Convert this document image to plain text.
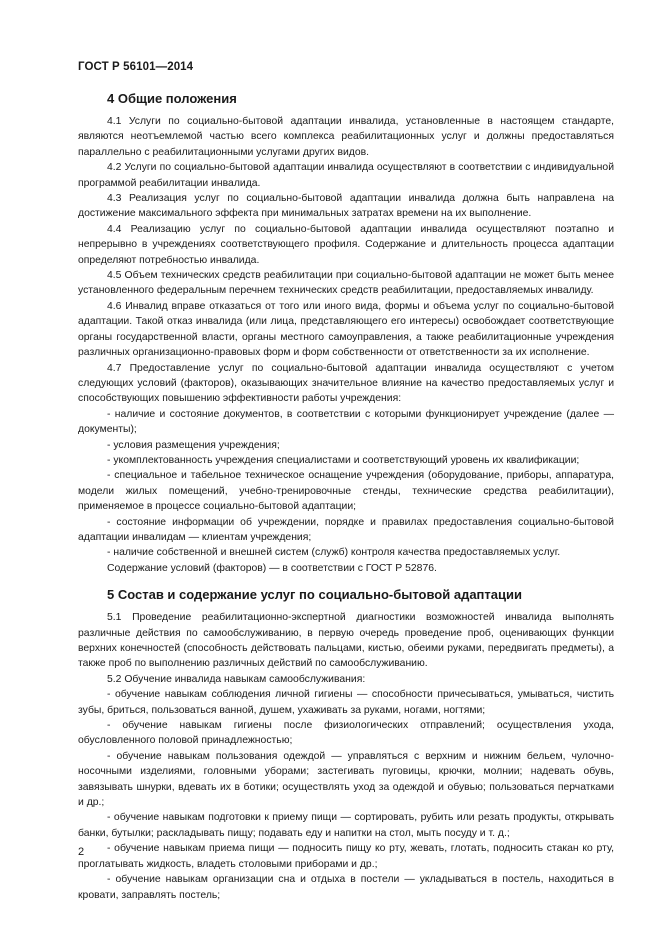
ГОСТ Р 56101—2014
4 Общие положения

4.1 Услуги по социально-бытовой адаптации инвалида, установленные в настоящем стандарте, являются неотъемлемой частью всего комплекса реабилитационных услуг и должны предоставляться параллельно с реабилитационными услугами других видов.

4.2 Услуги по социально-бытовой адаптации инвалида осуществляют в соответствии с индивидуальной программой реабилитации инвалида.

4.3 Реализация услуг по социально-бытовой адаптации инвалида должна быть направлена на достижение максимального эффекта при минимальных затратах времени на их выполнение.

4.4 Реализацию услуг по социально-бытовой адаптации инвалида осуществляют поэтапно и непрерывно в учреждениях соответствующего профиля. Содержание и длительность процесса адаптации определяют потребностью инвалида.

4.5 Объем технических средств реабилитации при социально-бытовой адаптации не может быть менее установленного федеральным перечнем технических средств реабилитации, предоставляемых инвалиду.

4.6 Инвалид вправе отказаться от того или иного вида, формы и объема услуг по социально-бытовой адаптации. Такой отказ инвалида (или лица, представляющего его интересы) освобождает соответствующие органы государственной власти, органы местного самоуправления, а также реабилитационные учреждения различных организационно-правовых форм и форм собственности от ответственности за их исполнение.

4.7 Предоставление услуг по социально-бытовой адаптации инвалида осуществляют с учетом следующих условий (факторов), оказывающих значительное влияние на качество предоставляемых услуг и способствующих повышению эффективности работы учреждения:

- наличие и состояние документов, в соответствии с которыми функционирует учреждение (далее — документы);

- условия размещения учреждения;

- укомплектованность учреждения специалистами и соответствующий уровень их квалификации;

- специальное и табельное техническое оснащение учреждения (оборудование, приборы, аппаратура, модели жилых помещений, учебно-тренировочные стенды, технические средства реабилитации), применяемое в процессе социально-бытовой адаптации;

- состояние информации об учреждении, порядке и правилах предоставления социально-бытовой адаптации инвалидам — клиентам учреждения;

- наличие собственной и внешней систем (служб) контроля качества предоставляемых услуг.

Содержание условий (факторов) — в соответствии с ГОСТ Р 52876.

5 Состав и содержание услуг по социально-бытовой адаптации

5.1 Проведение реабилитационно-экспертной диагностики возможностей инвалида выполнять различные действия по самообслуживанию, в первую очередь проведение проб, оценивающих функции верхних конечностей (способность действовать пальцами, кистью, обеими руками, передвигать предметы), а также проб по выполнению различных действий по самообслуживанию.

5.2 Обучение инвалида навыкам самообслуживания:

- обучение навыкам соблюдения личной гигиены — способности причесываться, умываться, чистить зубы, бриться, пользоваться ванной, душем, ухаживать за руками, ногами, ногтями;

- обучение навыкам гигиены после физиологических отправлений; осуществления ухода, обусловленного половой принадлежностью;

- обучение навыкам пользования одеждой — управляться с верхним и нижним бельем, чулочно-носочными изделиями, головными уборами; застегивать пуговицы, крючки, молнии; надевать обувь, завязывать шнурки, вдевать их в ботики; осуществлять уход за одеждой и обувью; пользоваться перчатками и др.;

- обучение навыкам подготовки к приему пищи — сортировать, рубить или резать продукты, открывать банки, бутылки; раскладывать пищу; подавать еду и напитки на стол, мыть посуду и т. д.;

- обучение навыкам приема пищи — подносить пищу ко рту, жевать, глотать, подносить стакан ко рту, проглатывать жидкость, владеть столовыми приборами и др.;

- обучение навыкам организации сна и отдыха в постели — укладываться в постель, находиться в кровати, заправлять постель;

2
